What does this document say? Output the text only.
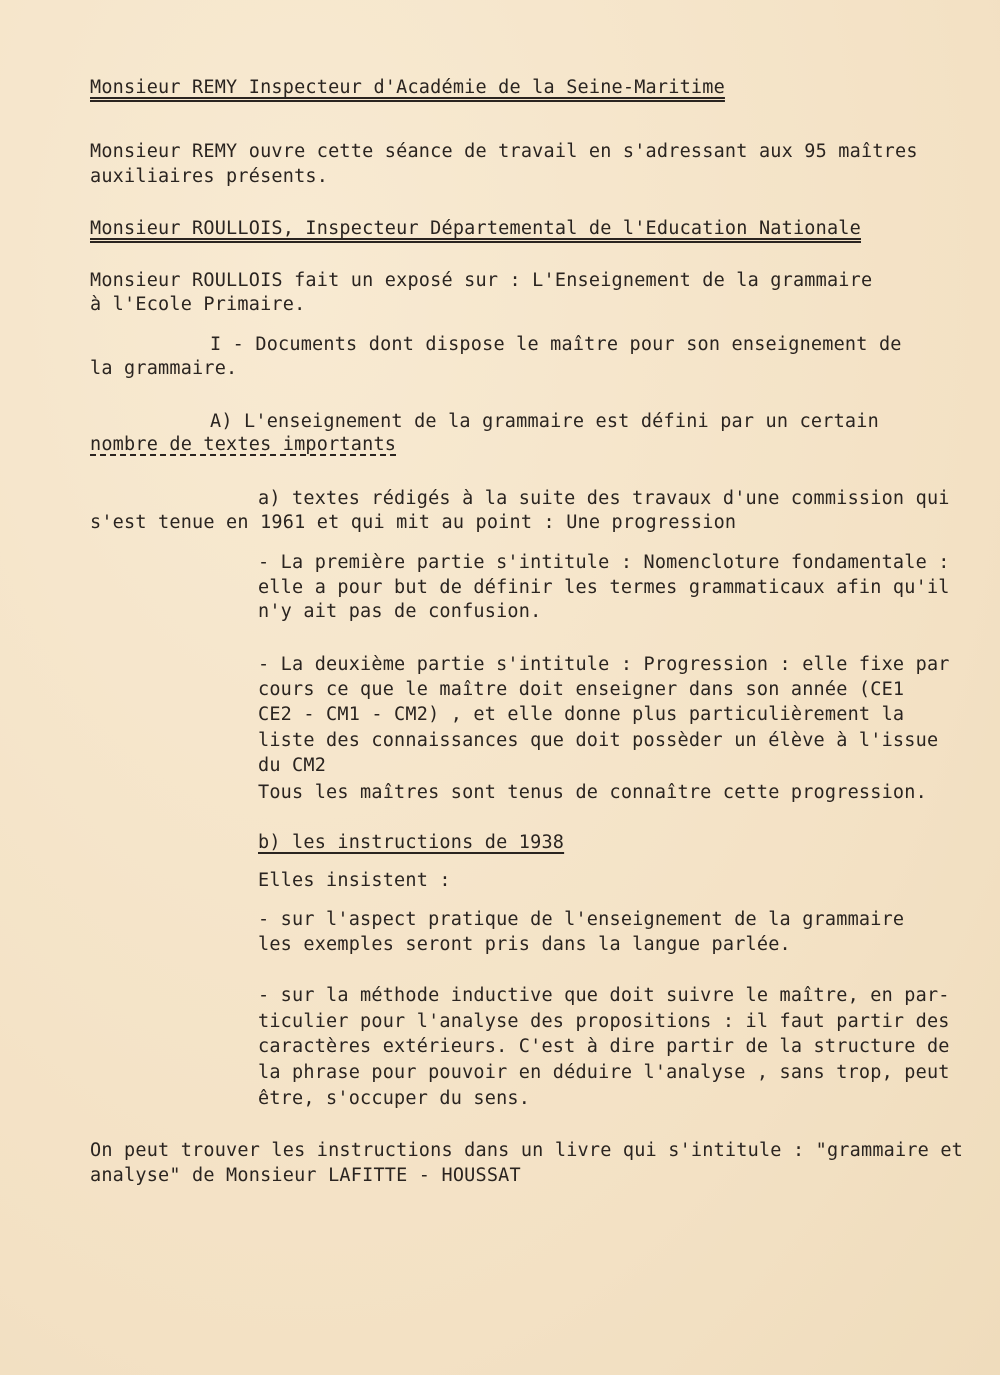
Monsieur REMY Inspecteur d'Académie de la Seine-Maritime
Monsieur REMY ouvre cette séance de travail en s'adressant aux 95 maîtres
auxiliaires présents.
Monsieur ROULLOIS, Inspecteur Départemental de l'Education Nationale
Monsieur ROULLOIS fait un exposé sur : L'Enseignement de la grammaire
à l'Ecole Primaire.
I - Documents dont dispose le maître pour son enseignement de
la grammaire.
A) L'enseignement de la grammaire est défini par un certain
nombre de textes importants
a) textes rédigés à la suite des travaux d'une commission qui
s'est tenue en 1961 et qui mit au point : Une progression
- La première partie s'intitule : Nomencloture fondamentale :
elle a pour but de définir les termes grammaticaux afin qu'il
n'y ait pas de confusion.
- La deuxième partie s'intitule : Progression : elle fixe par
cours ce que le maître doit enseigner dans son année (CE1
CE2 - CM1 - CM2) , et elle donne plus particulièrement la
liste des connaissances que doit possèder un élève à l'issue
du CM2
Tous les maîtres sont tenus de connaître cette progression.
b) les instructions de 1938
Elles insistent :
- sur l'aspect pratique de l'enseignement de la grammaire
les exemples seront pris dans la langue parlée.
- sur la méthode inductive que doit suivre le maître, en par-
ticulier pour l'analyse des propositions : il faut partir des
caractères extérieurs. C'est à dire partir de la structure de
la phrase pour pouvoir en déduire l'analyse , sans trop, peut
être, s'occuper du sens.
On peut trouver les instructions dans un livre qui s'intitule : "grammaire et
analyse" de Monsieur LAFITTE - HOUSSAT
